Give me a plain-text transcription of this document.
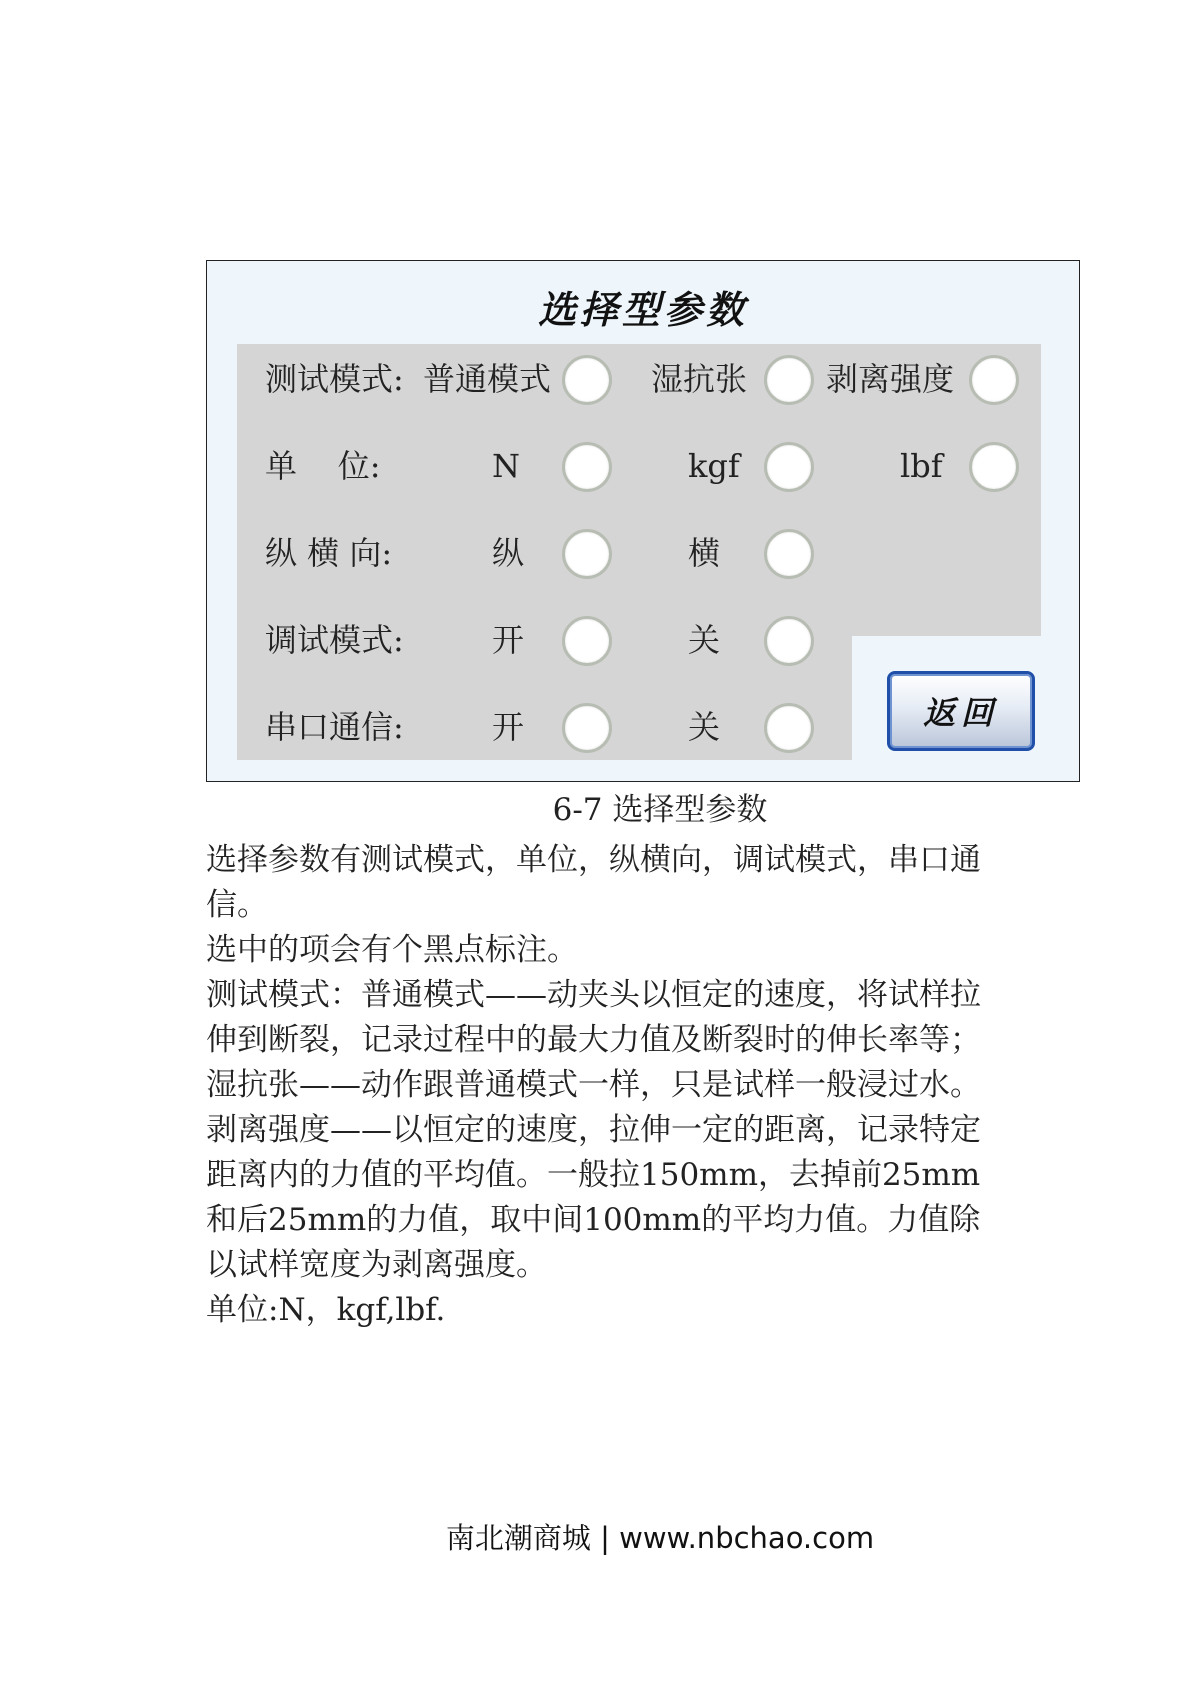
选择型参数
测试模式: 普通模式	湿抗张 剥离强度
单    位:	N	kgf	lbf
纵 横 向:	纵	横
调试模式:	开	关
串口通信:	开	关	返回
6-7 选择型参数

选择参数有测试模式，单位，纵横向，调试模式，串口通信。

选中的项会有个黑点标注。

测试模式：普通模式——动夹头以恒定的速度，将试样拉伸到断裂，记录过程中的最大力值及断裂时的伸长率等；

湿抗张——动作跟普通模式一样，只是试样一般浸过水。

剥离强度——以恒定的速度，拉伸一定的距离，记录特定距离内的力值的平均值。一般拉150mm，去掉前25mm和后25mm的力值，取中间100mm的平均力值。力值除以试样宽度为剥离强度。

单位:N，kgf,lbf.

南北潮商城 | www.nbchao.com
